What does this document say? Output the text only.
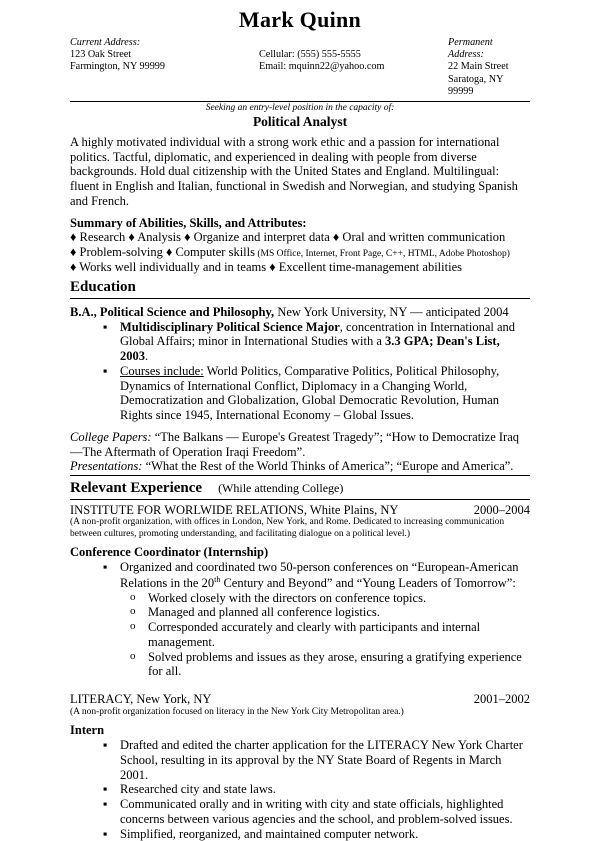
Mark Quinn
Current Address:
123 Oak Street
Farmington, NY 99999
Cellular: (555) 555-5555
Email: mquinn22@yahoo.com
Permanent Address:
22 Main Street
Saratoga, NY 99999
Seeking an entry-level position in the capacity of:
Political Analyst

A highly motivated individual with a strong work ethic and a passion for international politics. Tactful, diplomatic, and experienced in dealing with people from diverse backgrounds. Hold dual citizenship with the United States and England. Multilingual: fluent in English and Italian, functional in Swedish and Norwegian, and studying Spanish and French.

Summary of Abilities, Skills, and Attributes:
♦ Research ♦ Analysis ♦ Organize and interpret data ♦ Oral and written communication
♦ Problem-solving ♦ Computer skills (MS Office, Internet, Front Page, C++, HTML, Adobe Photoshop)
♦ Works well individually and in teams ♦ Excellent time-management abilities
Education
B.A., Political Science and Philosophy, New York University, NY — anticipated 2004
▪ Multidisciplinary Political Science Major, concentration in International and Global Affairs; minor in International Studies with a 3.3 GPA; Dean's List, 2003.
▪ Courses include: World Politics, Comparative Politics, Political Philosophy, Dynamics of International Conflict, Diplomacy in a Changing World, Democratization and Globalization, Global Democratic Revolution, Human Rights since 1945, International Economy – Global Issues.
College Papers: “The Balkans — Europe's Greatest Tragedy”; “How to Democratize Iraq —The Aftermath of Operation Iraqi Freedom”.
Presentations: “What the Rest of the World Thinks of America”; “Europe and America”.
Relevant Experience (While attending College)
INSTITUTE FOR WORLWIDE RELATIONS, White Plains, NY	2000–2004
(A non-profit organization, with offices in London, New York, and Rome. Dedicated to increasing communication between cultures, promoting understanding, and facilitating dialogue on a political level.)
Conference Coordinator (Internship)
▪ Organized and coordinated two 50-person conferences on “European-American Relations in the 20th Century and Beyond” and “Young Leaders of Tomorrow”:
o Worked closely with the directors on conference topics.
o Managed and planned all conference logistics.
o Corresponded accurately and clearly with participants and internal management.
o Solved problems and issues as they arose, ensuring a gratifying experience for all.
LITERACY, New York, NY	2001–2002
(A non-profit organization focused on literacy in the New York City Metropolitan area.)
Intern
▪ Drafted and edited the charter application for the LITERACY New York Charter School, resulting in its approval by the NY State Board of Regents in March 2001.
▪ Researched city and state laws.
▪ Communicated orally and in writing with city and state officials, highlighted concerns between various agencies and the school, and problem-solved issues.
▪ Simplified, reorganized, and maintained computer network.
